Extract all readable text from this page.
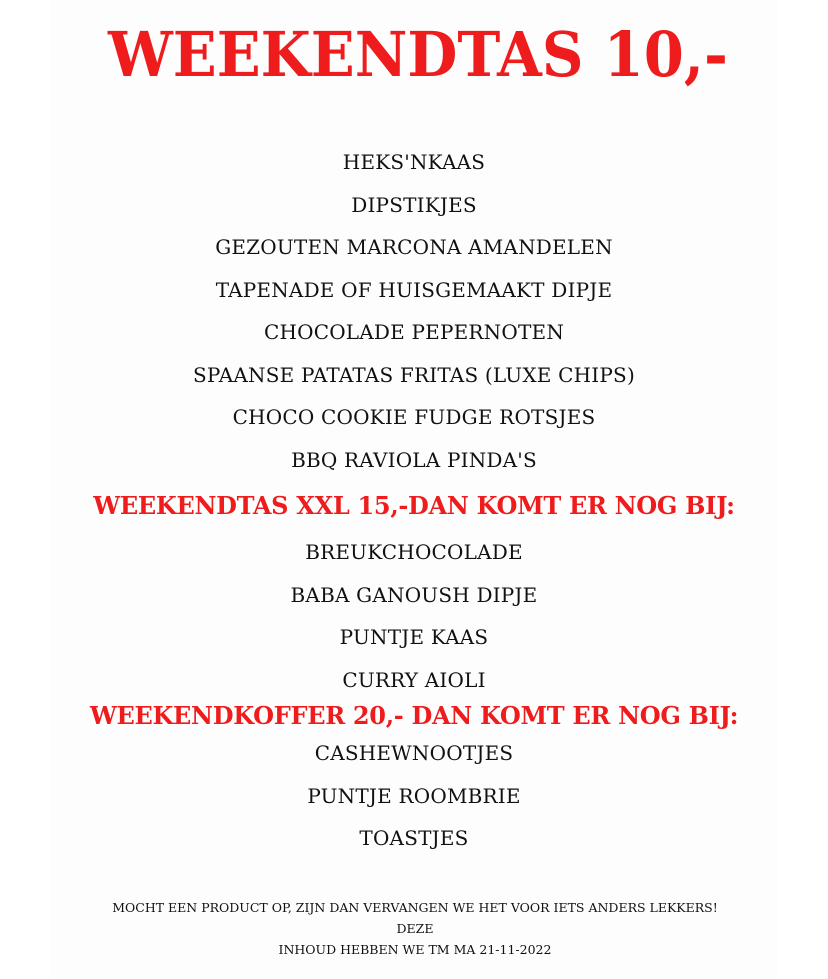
WEEKENDTAS 10,-
HEKS'NKAAS
DIPSTIKJES
GEZOUTEN MARCONA AMANDELEN
TAPENADE OF HUISGEMAAKT DIPJE
CHOCOLADE PEPERNOTEN
SPAANSE PATATAS FRITAS (LUXE CHIPS)
CHOCO COOKIE FUDGE ROTSJES
BBQ RAVIOLA PINDA'S
WEEKENDTAS XXL 15,-DAN KOMT ER NOG BIJ:
BREUKCHOCOLADE
BABA GANOUSH DIPJE
PUNTJE KAAS
CURRY AIOLI
WEEKENDKOFFER 20,- DAN KOMT ER NOG BIJ:
CASHEWNOOTJES
PUNTJE ROOMBRIE
TOASTJES
MOCHT EEN PRODUCT OP, ZIJN DAN VERVANGEN WE HET VOOR IETS ANDERS LEKKERS! DEZE
INHOUD HEBBEN WE TM MA 21-11-2022
